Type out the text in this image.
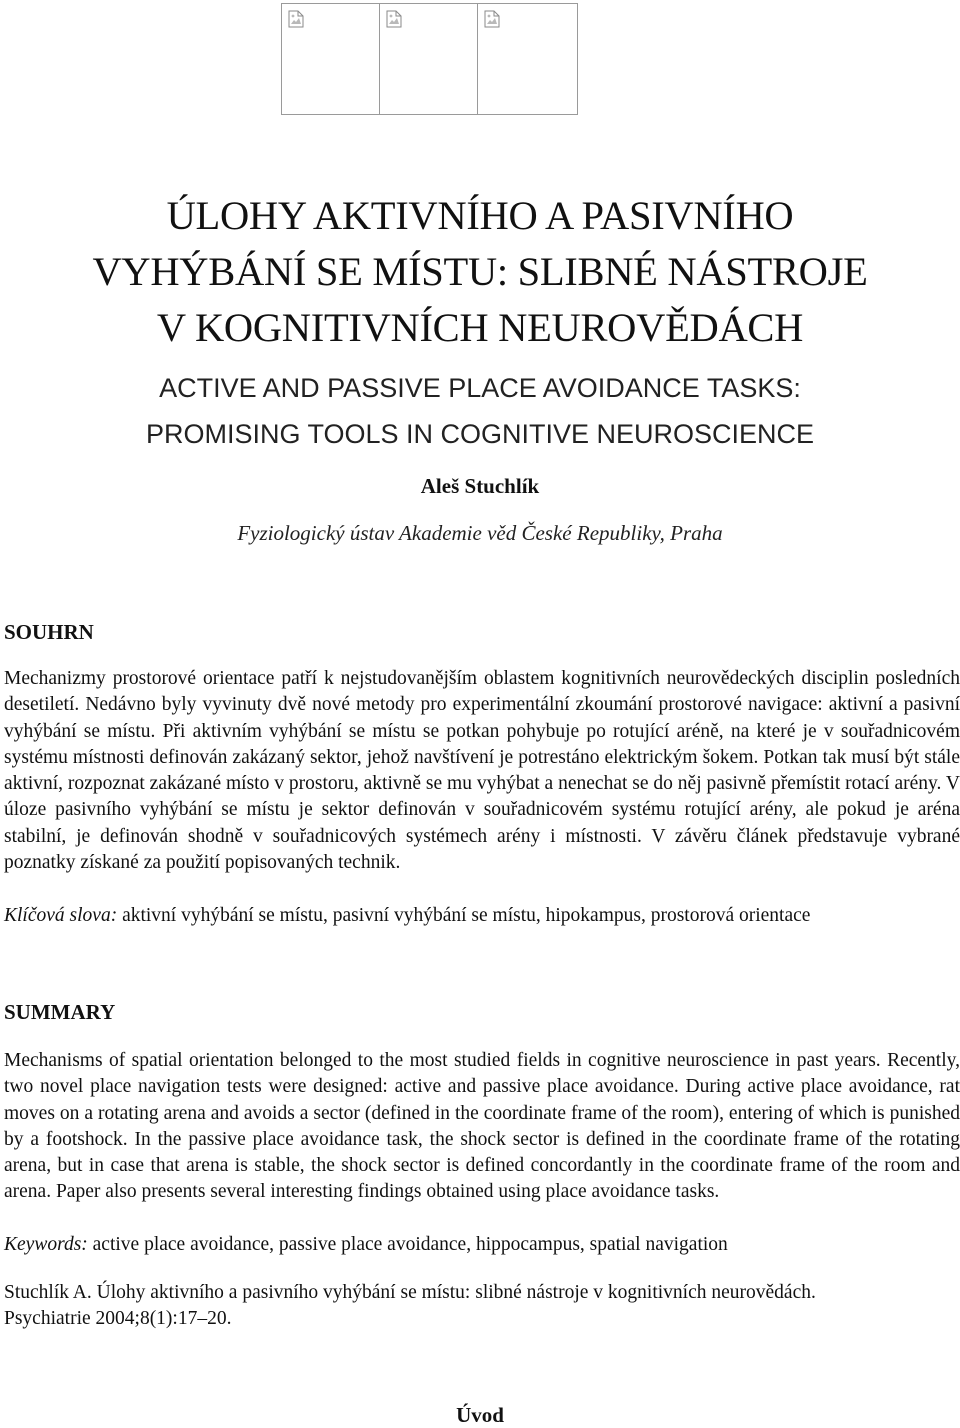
ÚLOHY AKTIVNÍHO A PASIVNÍHO
VYHÝBÁNÍ SE MÍSTU: SLIBNÉ NÁSTROJE
V KOGNITIVNÍCH NEUROVĚDÁCH
ACTIVE AND PASSIVE PLACE AVOIDANCE TASKS:
PROMISING TOOLS IN COGNITIVE NEUROSCIENCE

Aleš Stuchlík

Fyziologický ústav Akademie věd České Republiky, Praha

SOUHRN

Mechanizmy prostorové orientace patří k nejstudovanějším oblastem kognitivních neurovědeckých disciplin posledních desetiletí. Nedávno byly vyvinuty dvě nové metody pro experimentální zkoumání prostorové navigace: aktivní a pasivní vyhýbání se místu. Při aktivním vyhýbání se místu se potkan pohybuje po rotující aréně, na které je v souřadnicovém systému místnosti definován zakázaný sektor, jehož navštívení je potrestáno elektrickým šokem. Potkan tak musí být stále aktivní, rozpoznat zakázané místo v prostoru, aktivně se mu vyhýbat a nenechat se do něj pasivně přemístit rotací arény. V úloze pasivního vyhýbání se místu je sektor definován v souřadnicovém systému rotující arény, ale pokud je aréna stabilní, je definován shodně v souřadnicových systémech arény i místnosti. V závěru článek představuje vybrané poznatky získané za použití popisovaných technik.

Klíčová slova: aktivní vyhýbání se místu, pasivní vyhýbání se místu, hipokampus, prostorová orientace

SUMMARY

Mechanisms of spatial orientation belonged to the most studied fields in cognitive neuroscience in past years. Recently, two novel place navigation tests were designed: active and passive place avoidance. During active place avoidance, rat moves on a rotating arena and avoids a sector (defined in the coordinate frame of the room), entering of which is punished by a footshock. In the passive place avoidance task, the shock sector is defined in the coordinate frame of the rotating arena, but in case that arena is stable, the shock sector is defined concordantly in the coordinate frame of the room and arena. Paper also presents several interesting findings obtained using place avoidance tasks.

Keywords: active place avoidance, passive place avoidance, hippocampus, spatial navigation

Stuchlík A. Úlohy aktivního a pasivního vyhýbání se místu: slibné nástroje v kognitivních neurovědách.
Psychiatrie 2004;8(1):17–20.

Úvod
